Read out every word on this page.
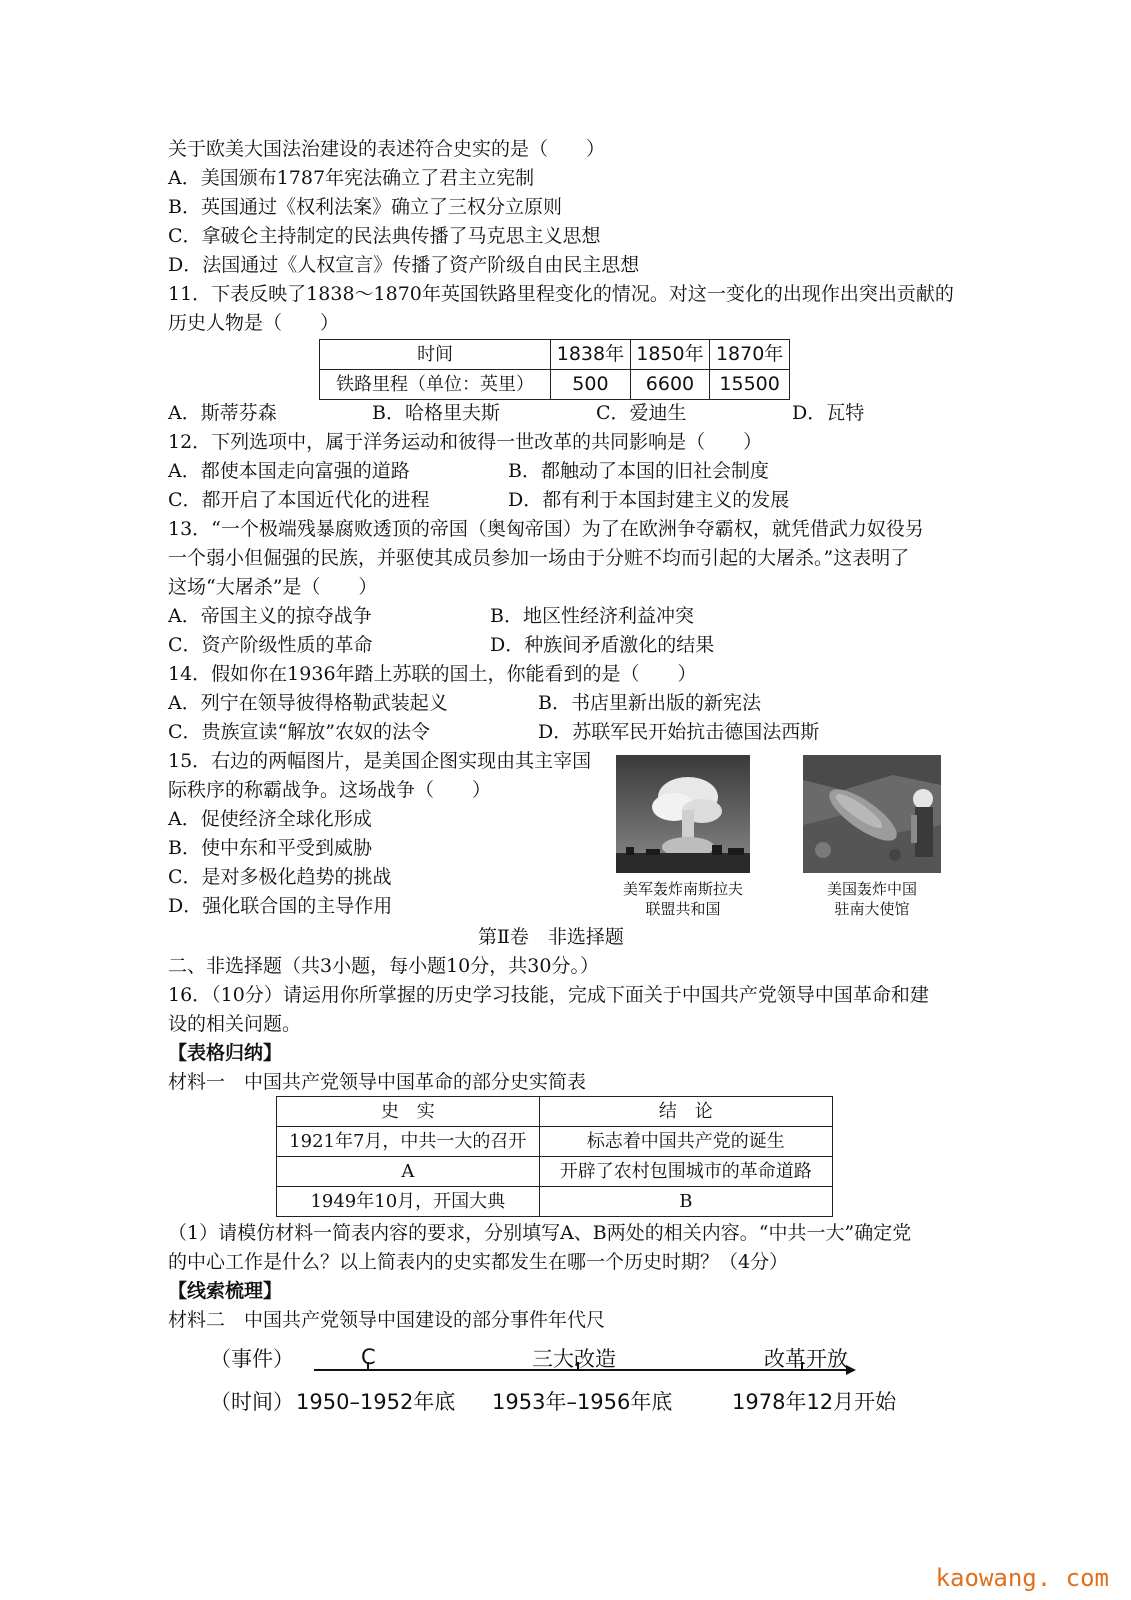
关于欧美大国法治建设的表述符合史实的是（　　）
A．美国颁布1787年宪法确立了君主立宪制
B．英国通过《权利法案》确立了三权分立原则
C．拿破仑主持制定的民法典传播了马克思主义思想
D．法国通过《人权宣言》传播了资产阶级自由民主思想
11．下表反映了1838～1870年英国铁路里程变化的情况。对这一变化的出现作出突出贡献的
历史人物是（　　）
时间	1838年	1850年	1870年
铁路里程（单位：英里）	500	6600	15500
A．斯蒂芬森	B．哈格里夫斯	C．爱迪生	D．瓦特
12．下列选项中，属于洋务运动和彼得一世改革的共同影响是（　　）
A．都使本国走向富强的道路	B．都触动了本国的旧社会制度
C．都开启了本国近代化的进程	D．都有利于本国封建主义的发展
13．“一个极端残暴腐败透顶的帝国（奥匈帝国）为了在欧洲争夺霸权，就凭借武力奴役另
一个弱小但倔强的民族，并驱使其成员参加一场由于分赃不均而引起的大屠杀。”这表明了
这场“大屠杀”是（　　）
A．帝国主义的掠夺战争	B．地区性经济利益冲突
C．资产阶级性质的革命	D．种族间矛盾激化的结果
14．假如你在1936年踏上苏联的国土，你能看到的是（　　）
A．列宁在领导彼得格勒武装起义	B．书店里新出版的新宪法
C．贵族宣读“解放”农奴的法令	D．苏联军民开始抗击德国法西斯
15．右边的两幅图片，是美国企图实现由其主宰国
际秩序的称霸战争。这场战争（　　）
A．促使经济全球化形成
B．使中东和平受到威胁
C．是对多极化趋势的挑战
D．强化联合国的主导作用
美军轰炸南斯拉夫
联盟共和国
美国轰炸中国
驻南大使馆
第Ⅱ卷　非选择题
二、非选择题（共3小题，每小题10分，共30分。）
16．（10分）请运用你所掌握的历史学习技能，完成下面关于中国共产党领导中国革命和建
设的相关问题。
【表格归纳】
材料一　中国共产党领导中国革命的部分史实简表
史　实	结　论
1921年7月，中共一大的召开	标志着中国共产党的诞生
A	开辟了农村包围城市的革命道路
1949年10月，开国大典	B
（1）请模仿材料一简表内容的要求，分别填写A、B两处的相关内容。“中共一大”确定党
的中心工作是什么？以上简表内的史实都发生在哪一个历史时期？（4分）
【线索梳理】
材料二　中国共产党领导中国建设的部分事件年代尺
（事件）
（时间）
C	三大改造	改革开放
1950–1952年底 1953年–1956年底	1978年12月开始
kaowang. com
